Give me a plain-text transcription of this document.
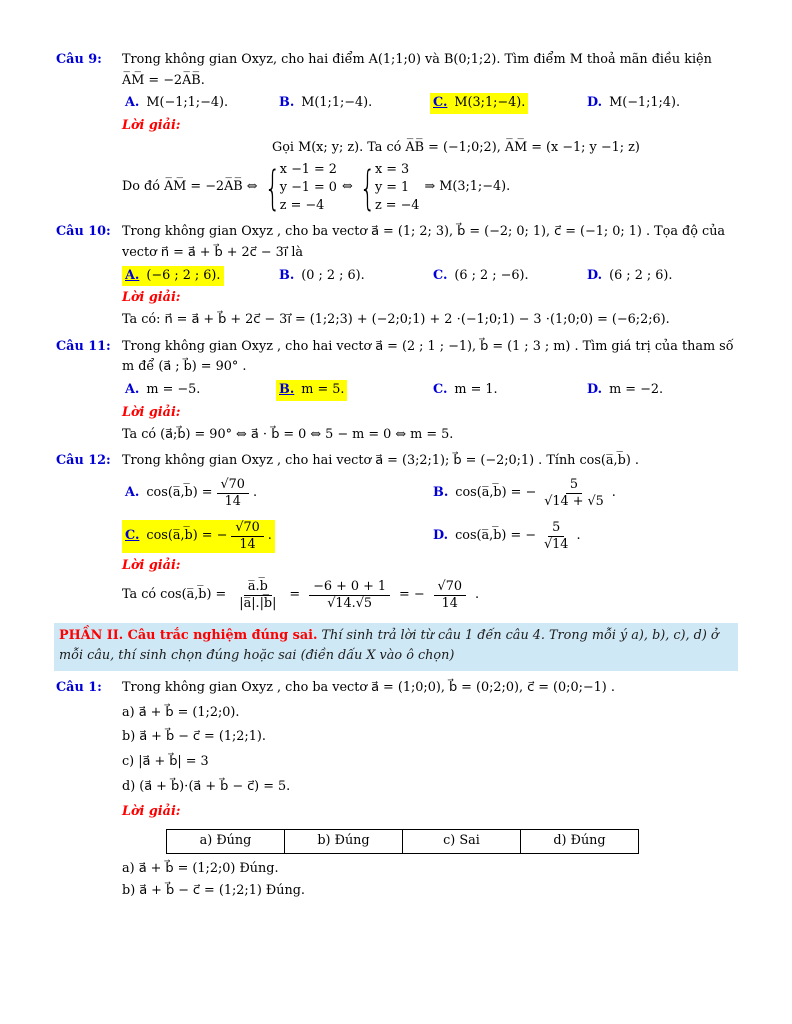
Câu 9:	Trong không gian Oxyz, cho hai điểm A(1;1;0) và B(0;1;2). Tìm điểm M thoả mãn điều kiện

A̅M̅ = −2A̅B̅.

A. M(−1;1;−4).	B. M(1;1;−4).	C. M(3;1;−4).	D. M(−1;1;4).

Lời giải:

Gọi M(x; y; z). Ta có A̅B̅ = (−1;0;2), A̅M̅ = (x −1; y −1; z)

Do đó A̅M̅ = −2A̅B̅ ⇔ { x −1 = 2
y −1 = 0
z = −4
⇔ { x = 3
y = 1
z = −4
⇒ M(3;1;−4).
Câu 10: Trong không gian Oxyz , cho ba vectơ a⃗ = (1; 2; 3), b⃗ = (−2; 0; 1), c⃗ = (−1; 0; 1) . Tọa độ của vectơ n⃗ = a⃗ + b⃗ + 2c⃗ − 3i⃗ là

A. (−6 ; 2 ; 6).	B. (0 ; 2 ; 6).	C. (6 ; 2 ; −6).	D. (6 ; 2 ; 6).

Lời giải:

Ta có: n⃗ = a⃗ + b⃗ + 2c⃗ − 3i⃗ = (1;2;3) + (−2;0;1) + 2 ⋅(−1;0;1) − 3 ⋅(1;0;0) = (−6;2;6).

Câu 11: Trong không gian Oxyz , cho hai vectơ a⃗ = (2 ; 1 ; −1), b⃗ = (1 ; 3 ; m) . Tìm giá trị của tham số m để (a⃗ ; b⃗) = 90° .

A. m = −5.	B. m = 5.	C. m = 1.	D. m = −2.

Lời giải:

Ta có (a⃗;b⃗) = 90° ⇔ a⃗ ⋅ b⃗ = 0 ⇔ 5 − m = 0 ⇔ m = 5.

Câu 12: Trong không gian Oxyz , cho hai vectơ a⃗ = (3;2;1); b⃗ = (−2;0;1) . Tính cos(a̅,b̅) .

A. cos(a̅,b̅) = $\frac{√70}{14}$ .	B. cos(a̅,b̅) = − $\frac{5}{√14 + √5}$ .
C. cos(a̅,b̅) = − $\frac{√70}{14}$ .	D. cos(a̅,b̅) = − $\frac{5}{√14}$ .

Lời giải:

Ta có cos(a̅,b̅) = $\frac{a̅.b̅}{|a̅|.|b̅|} = \frac{-6 + 0 + 1}{√14.√5}$ = − $\frac{√70}{14}$ .
PHẦN II. Câu trắc nghiệm đúng sai. Thí sinh trả lời từ câu 1 đến câu 4. Trong mỗi ý a), b), c), d) ở mỗi câu, thí sinh chọn đúng hoặc sai (điền dấu X vào ô chọn)
Câu 1:	Trong không gian Oxyz , cho ba vectơ a⃗ = (1;0;0), b⃗ = (0;2;0), c⃗ = (0;0;−1) .

a) a⃗ + b⃗ = (1;2;0).

b) a⃗ + b⃗ − c⃗ = (1;2;1).

c) |a⃗ + b⃗| = 3

d) (a⃗ + b⃗)⋅(a⃗ + b⃗ − c⃗) = 5.

Lời giải:

a) Đúng	b) Đúng	c) Sai	d) Đúng

a) a⃗ + b⃗ = (1;2;0) Đúng.

b) a⃗ + b⃗ − c⃗ = (1;2;1) Đúng.
